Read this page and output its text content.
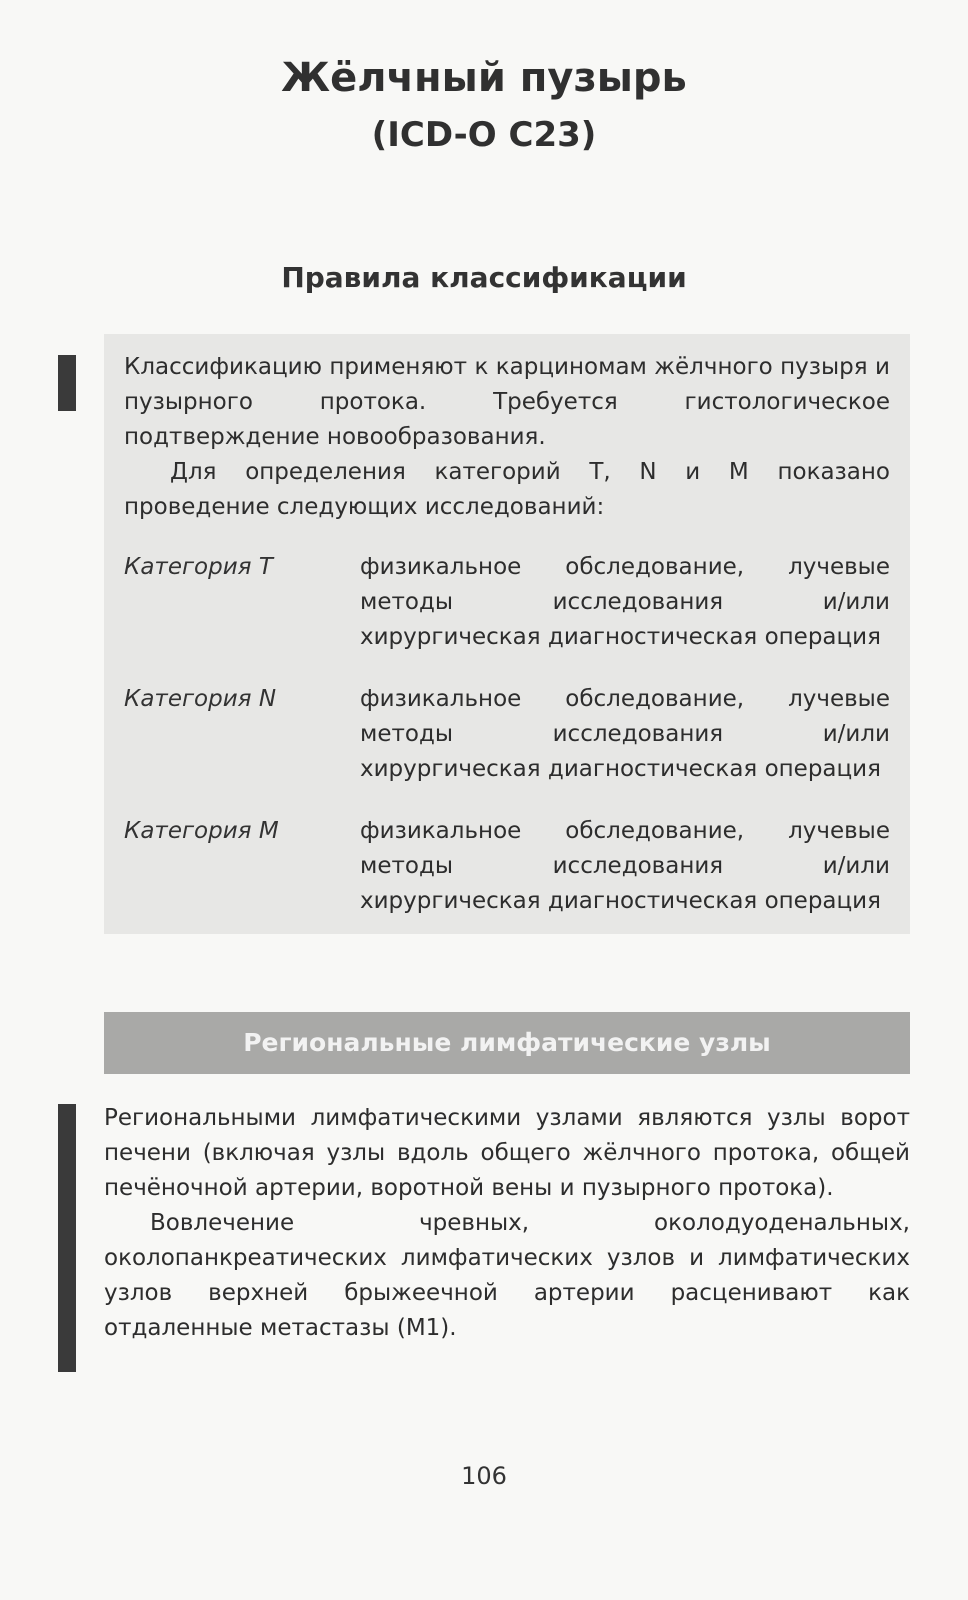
Жёлчный пузырь
(ICD-O C23)
Правила классификации

Классификацию применяют к карциномам жёлчного пузыря и пузырного протока. Требуется гистологическое подтверждение новообразования.

Для определения категорий T, N и M показано проведение следующих исследований:

Категория T	физикальное обследование, лучевые методы исследования и/или хирургическая диагностическая операция
Категория N	физикальное обследование, лучевые методы исследования и/или хирургическая диагностическая операция
Категория M	физикальное обследование, лучевые методы исследования и/или хирургическая диагностическая операция
Региональные лимфатические узлы

Региональными лимфатическими узлами являются узлы ворот печени (включая узлы вдоль общего жёлчного протока, общей печёночной артерии, воротной вены и пузырного протока).

Вовлечение чревных, околодуоденальных, околопанкреатических лимфатических узлов и лимфатических узлов верхней брыжеечной артерии расценивают как отдаленные метастазы (M1).

106
